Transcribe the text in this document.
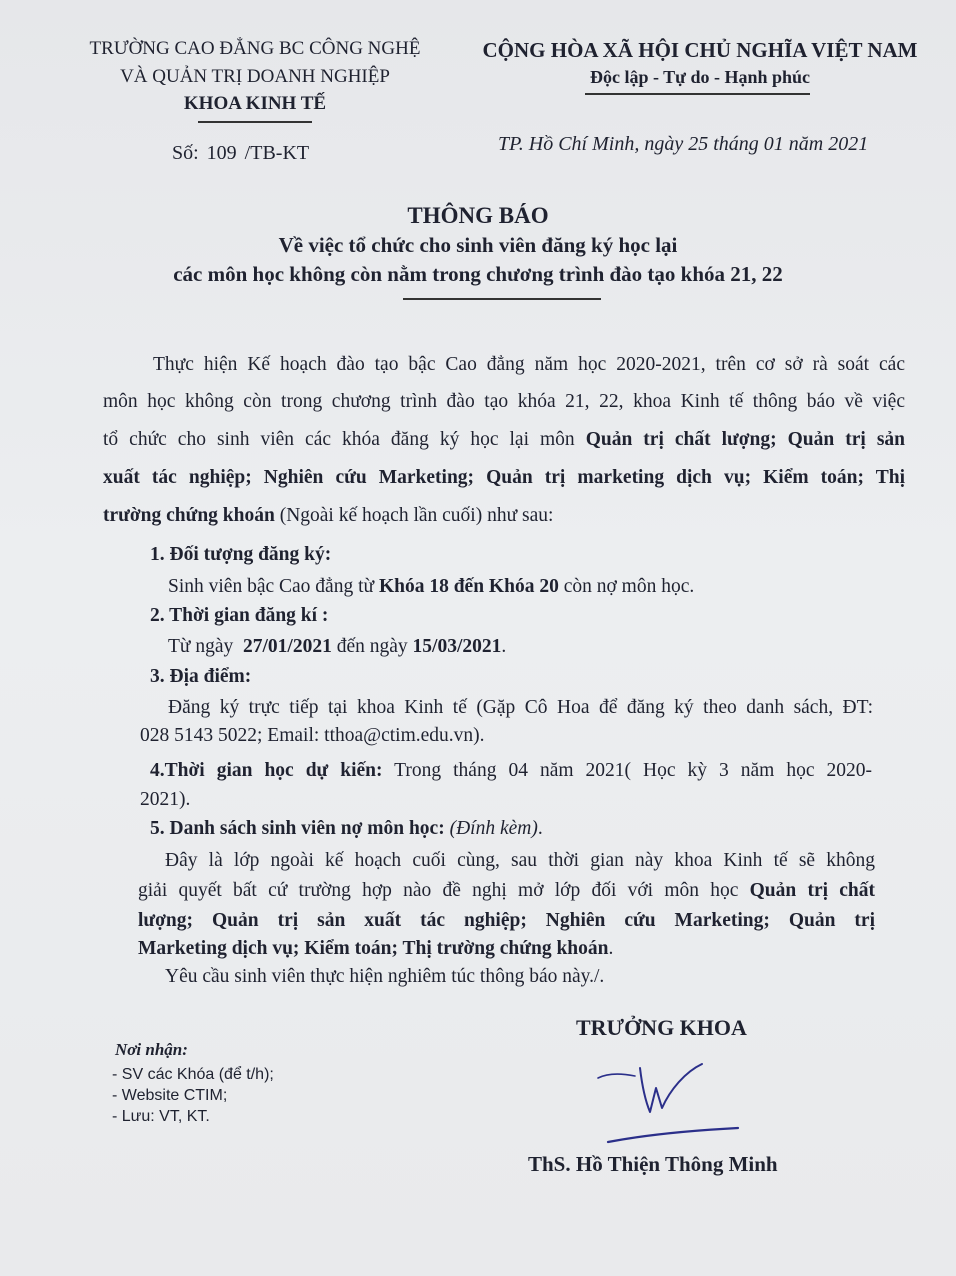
TRƯỜNG CAO ĐẲNG BC CÔNG NGHỆ
VÀ QUẢN TRỊ DOANH NGHIỆP
KHOA KINH TẾ
Số: 109 /TB-KT
CỘNG HÒA XÃ HỘI CHỦ NGHĨA VIỆT NAM
Độc lập - Tự do - Hạnh phúc
TP. Hồ Chí Minh, ngày 25 tháng 01 năm 2021
THÔNG BÁO
Về việc tổ chức cho sinh viên đăng ký học lại
các môn học không còn nằm trong chương trình đào tạo khóa 21, 22
Thực hiện Kế hoạch đào tạo bậc Cao đẳng năm học 2020-2021, trên cơ sở rà soát các
môn học không còn trong chương trình đào tạo khóa 21, 22, khoa Kinh tế thông báo về việc
tổ chức cho sinh viên các khóa đăng ký học lại môn Quản trị chất lượng; Quản trị sản
xuất tác nghiệp; Nghiên cứu Marketing; Quản trị marketing dịch vụ; Kiểm toán; Thị
trường chứng khoán (Ngoài kế hoạch lần cuối) như sau:
1. Đối tượng đăng ký:
Sinh viên bậc Cao đẳng từ Khóa 18 đến Khóa 20 còn nợ môn học.
2. Thời gian đăng kí :
Từ ngày  27/01/2021 đến ngày 15/03/2021.
3. Địa điểm:
Đăng ký trực tiếp tại khoa Kinh tế (Gặp Cô Hoa để đăng ký theo danh sách, ĐT:
028 5143 5022; Email: tthoa@ctim.edu.vn).
4.Thời gian học dự kiến: Trong tháng 04 năm 2021( Học kỳ 3 năm học 2020-
2021).
5. Danh sách sinh viên nợ môn học: (Đính kèm).
Đây là lớp ngoài kế hoạch cuối cùng, sau thời gian này khoa Kinh tế sẽ không
giải quyết bất cứ trường hợp nào đề nghị mở lớp đối với môn học Quản trị chất
lượng; Quản trị sản xuất tác nghiệp; Nghiên cứu Marketing; Quản trị
Marketing dịch vụ; Kiểm toán; Thị trường chứng khoán.
Yêu cầu sinh viên thực hiện nghiêm túc thông báo này./.
TRƯỞNG KHOA
ThS. Hồ Thiện Thông Minh
Nơi nhận:
- SV các Khóa (để t/h);
- Website CTIM;
- Lưu: VT, KT.
